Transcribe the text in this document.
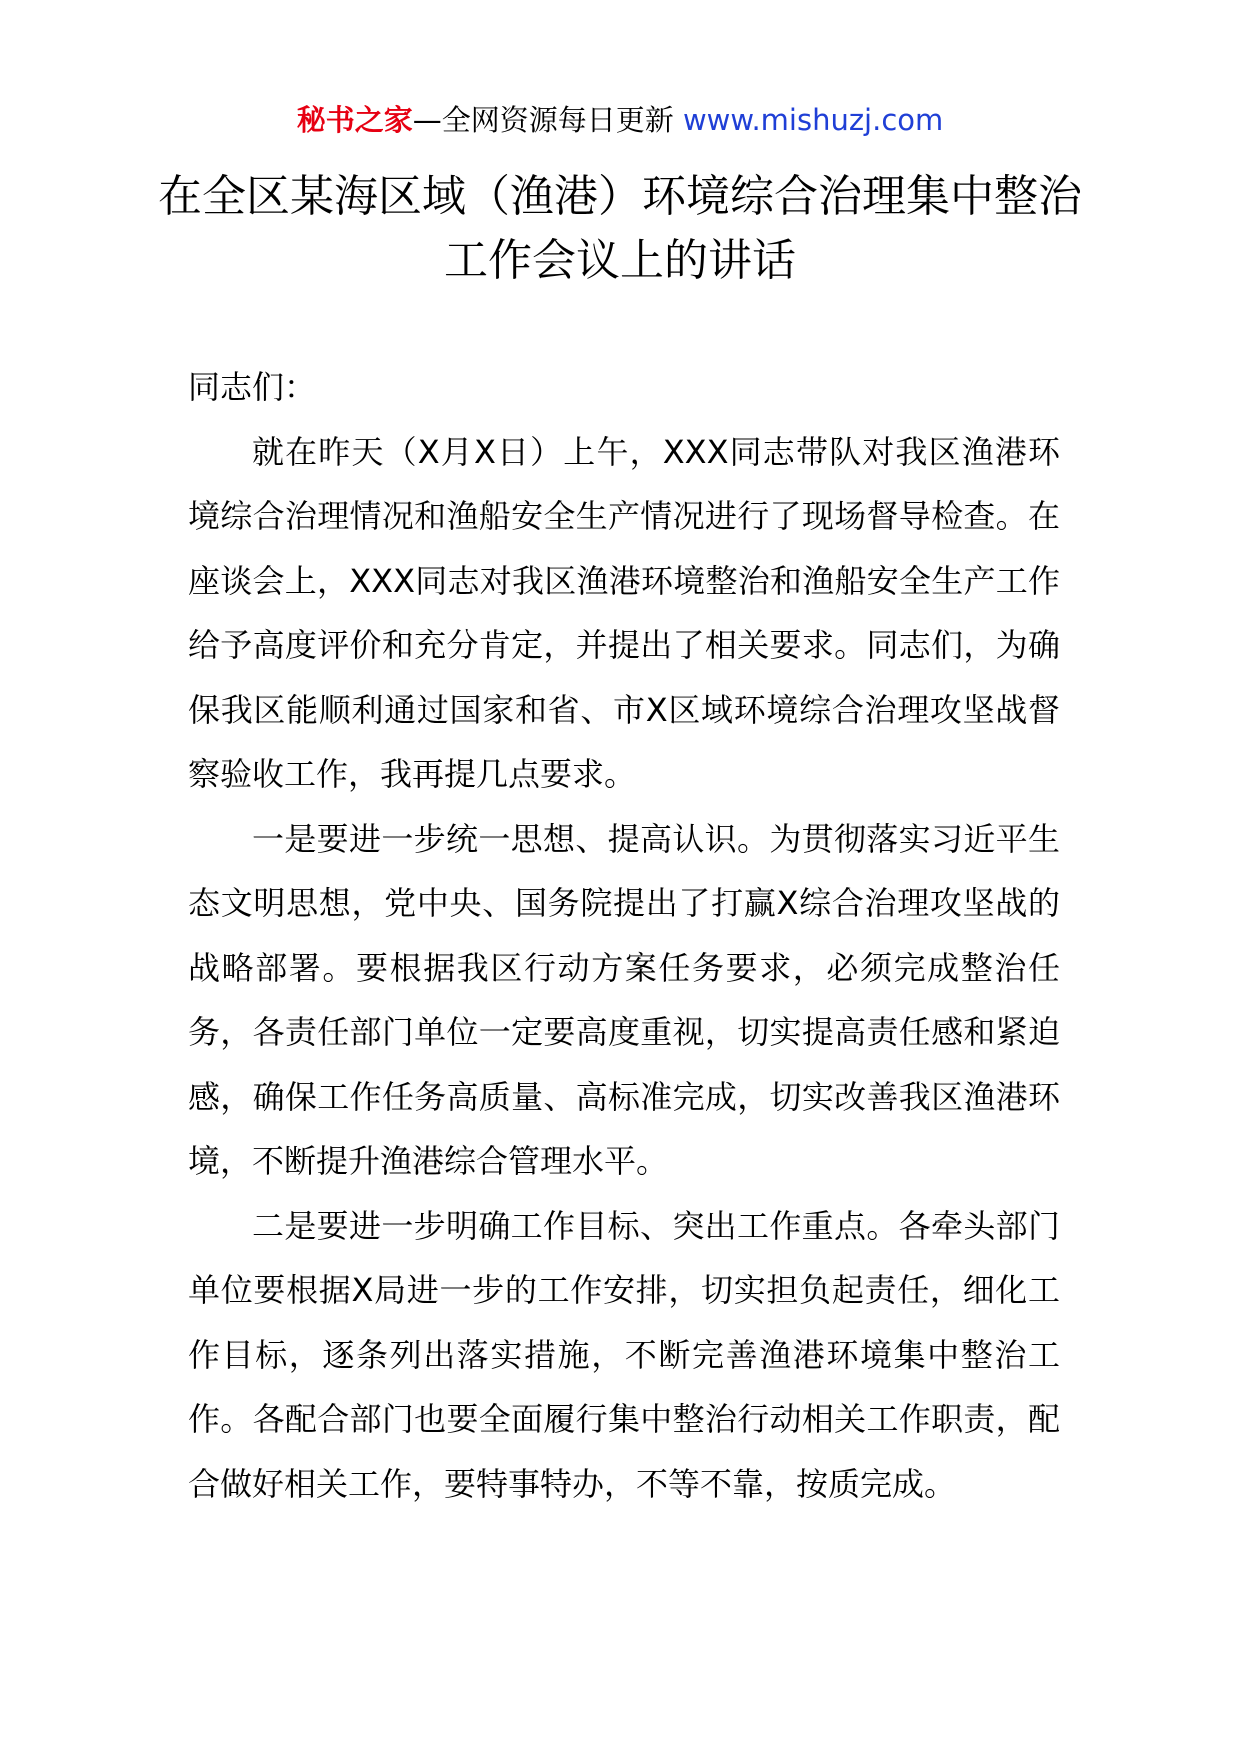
秘书之家—全网资源每日更新 www.mishuzj.com
在全区某海区域（渔港）环境综合治理集中整治工作会议上的讲话

同志们：

就在昨天（X月X日）上午，XXX同志带队对我区渔港环境综合治理情况和渔船安全生产情况进行了现场督导检查。在座谈会上，XXX同志对我区渔港环境整治和渔船安全生产工作给予高度评价和充分肯定，并提出了相关要求。同志们，为确保我区能顺利通过国家和省、市X区域环境综合治理攻坚战督察验收工作，我再提几点要求。

一是要进一步统一思想、提高认识。为贯彻落实习近平生态文明思想，党中央、国务院提出了打赢X综合治理攻坚战的战略部署。要根据我区行动方案任务要求，必须完成整治任务，各责任部门单位一定要高度重视，切实提高责任感和紧迫感，确保工作任务高质量、高标准完成，切实改善我区渔港环境，不断提升渔港综合管理水平。

二是要进一步明确工作目标、突出工作重点。各牵头部门单位要根据X局进一步的工作安排，切实担负起责任，细化工作目标，逐条列出落实措施，不断完善渔港环境集中整治工作。各配合部门也要全面履行集中整治行动相关工作职责，配合做好相关工作，要特事特办，不等不靠，按质完成。
